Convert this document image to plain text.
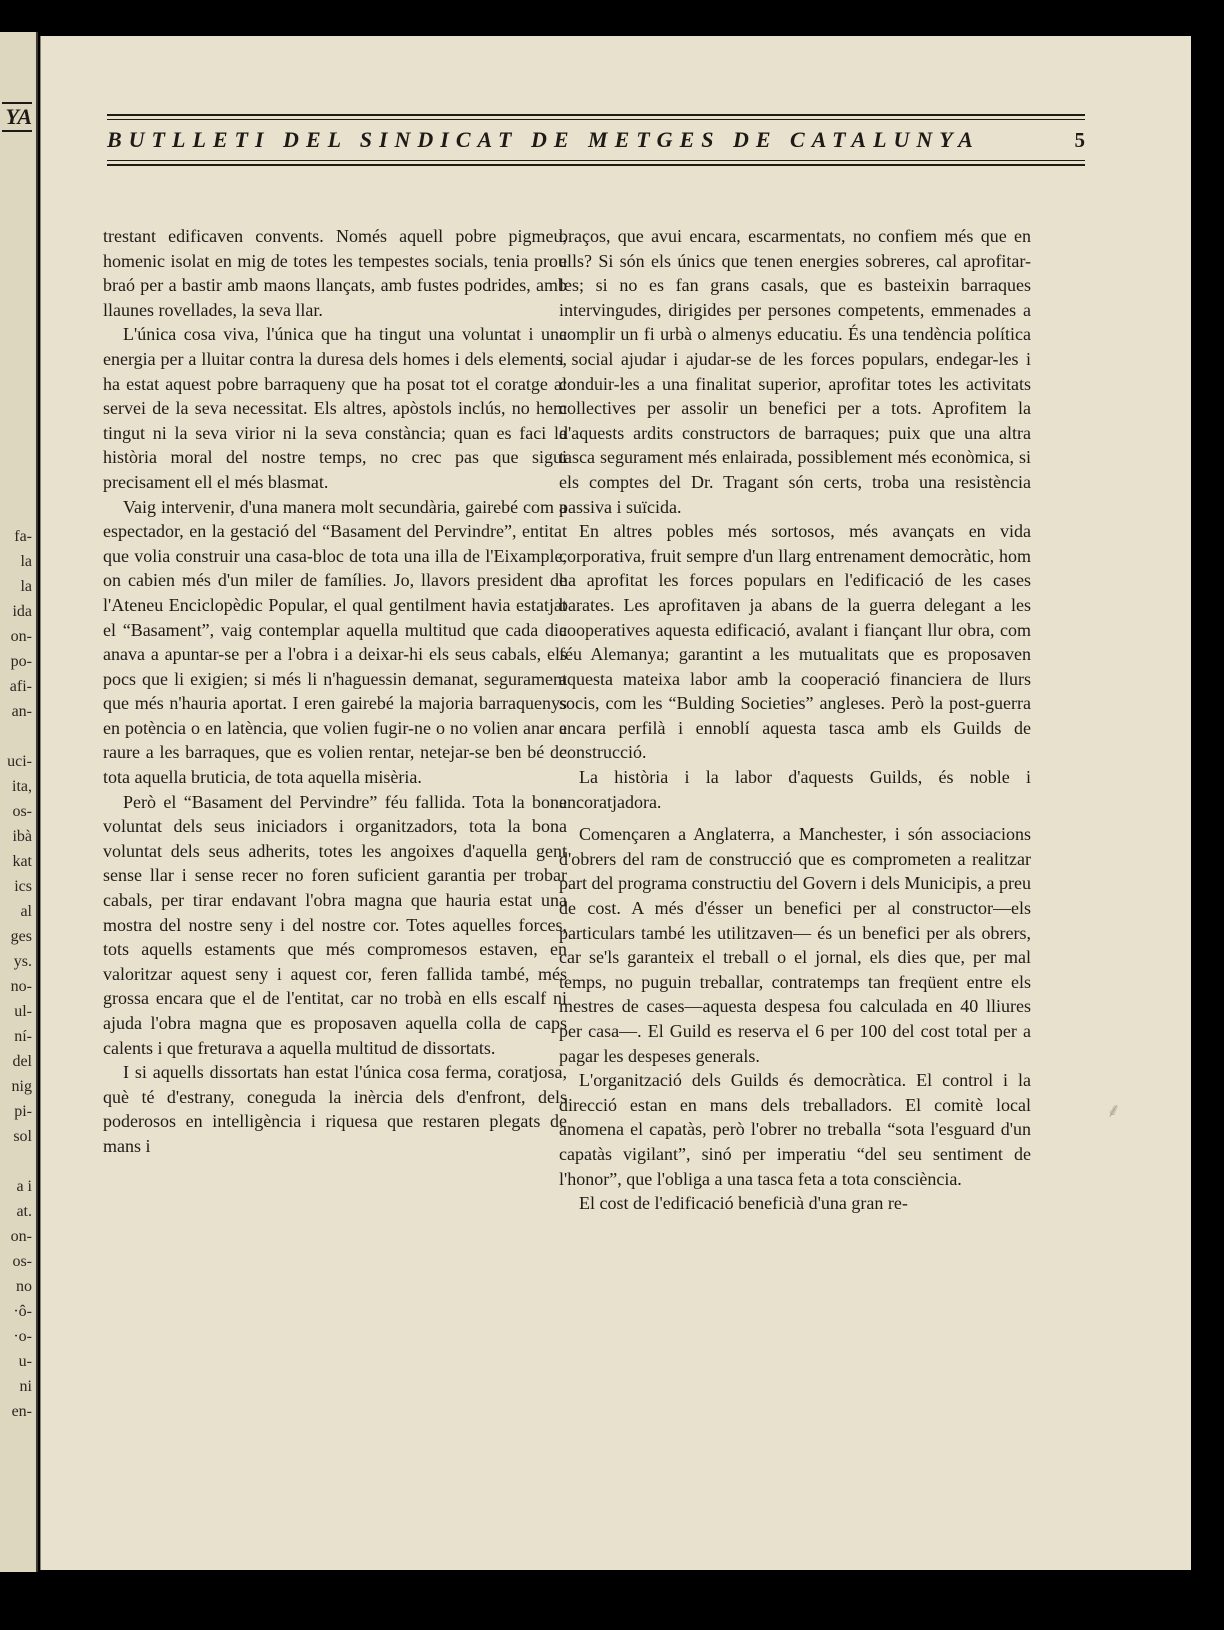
YA
fa-
la
la
ida
on-
po-
afi-
an-

uci-
ita,
os-
ibà
kat
ics
al
ges
ys.
no-
ul-
ní-
del
nig
pi-
sol

a i
at.
on-
os-
no
·ô-
·o-
u-
ni
en-
BUTLLETI DEL SINDICAT DE METGES DE CATALUNYA	5

trestant edificaven convents. Només aquell pobre pigmeu, homenic isolat en mig de totes les tempestes socials, tenia prou braó per a bastir amb maons llançats, amb fustes podrides, amb llaunes rovellades, la seva llar.

L'única cosa viva, l'única que ha tingut una voluntat i una energia per a lluitar contra la duresa dels homes i dels elements, ha estat aquest pobre barraqueny que ha posat tot el coratge al servei de la seva necessitat. Els altres, apòstols inclús, no hem tingut ni la seva virior ni la seva constància; quan es faci la història moral del nostre temps, no crec pas que sigui precisament ell el més blasmat.

Vaig intervenir, d'una manera molt secundària, gairebé com a espectador, en la gestació del “Basament del Pervindre”, entitat que volia construir una casa-bloc de tota una illa de l'Eixample, on cabien més d'un miler de famílies. Jo, llavors president de l'Ateneu Enciclopèdic Popular, el qual gentilment havia estatjat el “Basament”, vaig contemplar aquella multitud que cada dia anava a apuntar-se per a l'obra i a deixar-hi els seus cabals, els pocs que li exigien; si més li n'haguessin demanat, segurament que més n'hauria aportat. I eren gairebé la majoria barraquenys en potència o en latència, que volien fugir-ne o no volien anar a raure a les barraques, que es volien rentar, netejar-se ben bé de tota aquella bruticia, de tota aquella misèria.

Però el “Basament del Pervindre” féu fallida. Tota la bona voluntat dels seus iniciadors i organitzadors, tota la bona voluntat dels seus adherits, totes les angoixes d'aquella gent sense llar i sense recer no foren suficient garantia per trobar cabals, per tirar endavant l'obra magna que hauria estat una mostra del nostre seny i del nostre cor. Totes aquelles forces, tots aquells estaments que més compromesos estaven, en valoritzar aquest seny i aquest cor, feren fallida també, més grossa encara que el de l'entitat, car no trobà en ells escalf ni ajuda l'obra magna que es proposaven aquella colla de caps calents i que freturava a aquella multitud de dissortats.

I si aquells dissortats han estat l'única cosa ferma, coratjosa, què té d'estrany, coneguda la inèrcia dels d'enfront, dels poderosos en intelligència i riquesa que restaren plegats de mans i

braços, que avui encara, escarmentats, no confiem més que en ells? Si són els únics que tenen energies sobreres, cal aprofitar-les; si no es fan grans casals, que es basteixin barraques intervingudes, dirigides per persones competents, emmenades a complir un fi urbà o almenys educatiu. És una tendència política i social ajudar i ajudar-se de les forces populars, endegar-les i conduir-les a una finalitat superior, aprofitar totes les activitats collectives per assolir un benefici per a tots. Aprofitem la d'aquests ardits constructors de barraques; puix que una altra tasca segurament més enlairada, possiblement més econòmica, si els comptes del Dr. Tragant són certs, troba una resistència passiva i suïcida.

En altres pobles més sortosos, més avançats en vida corporativa, fruit sempre d'un llarg entrenament democràtic, hom ha aprofitat les forces populars en l'edificació de les cases barates. Les aprofitaven ja abans de la guerra delegant a les cooperatives aquesta edificació, avalant i fiançant llur obra, com féu Alemanya; garantint a les mutualitats que es proposaven aquesta mateixa labor amb la cooperació financiera de llurs socis, com les “Bulding Societies” angleses. Però la post-guerra encara perfilà i ennoblí aquesta tasca amb els Guilds de construcció.

La història i la labor d'aquests Guilds, és noble i encoratjadora.

Començaren a Anglaterra, a Manchester, i són associacions d'obrers del ram de construcció que es comprometen a realitzar part del programa constructiu del Govern i dels Municipis, a preu de cost. A més d'ésser un benefici per al constructor—els particulars també les utilitzaven— és un benefici per als obrers, car se'ls garanteix el treball o el jornal, els dies que, per mal temps, no puguin treballar, contratemps tan freqüent entre els mestres de cases—aquesta despesa fou calculada en 40 lliures per casa—. El Guild es reserva el 6 per 100 del cost total per a pagar les despeses generals.

L'organització dels Guilds és democràtica. El control i la direcció estan en mans dels treballadors. El comitè local anomena el capatàs, però l'obrer no treballa “sota l'esguard d'un capatàs vigilant”, sinó per imperatiu “del seu sentiment de l'honor”, que l'obliga a una tasca feta a tota consciència.

El cost de l'edificació beneficià d'una gran re-

⸙
